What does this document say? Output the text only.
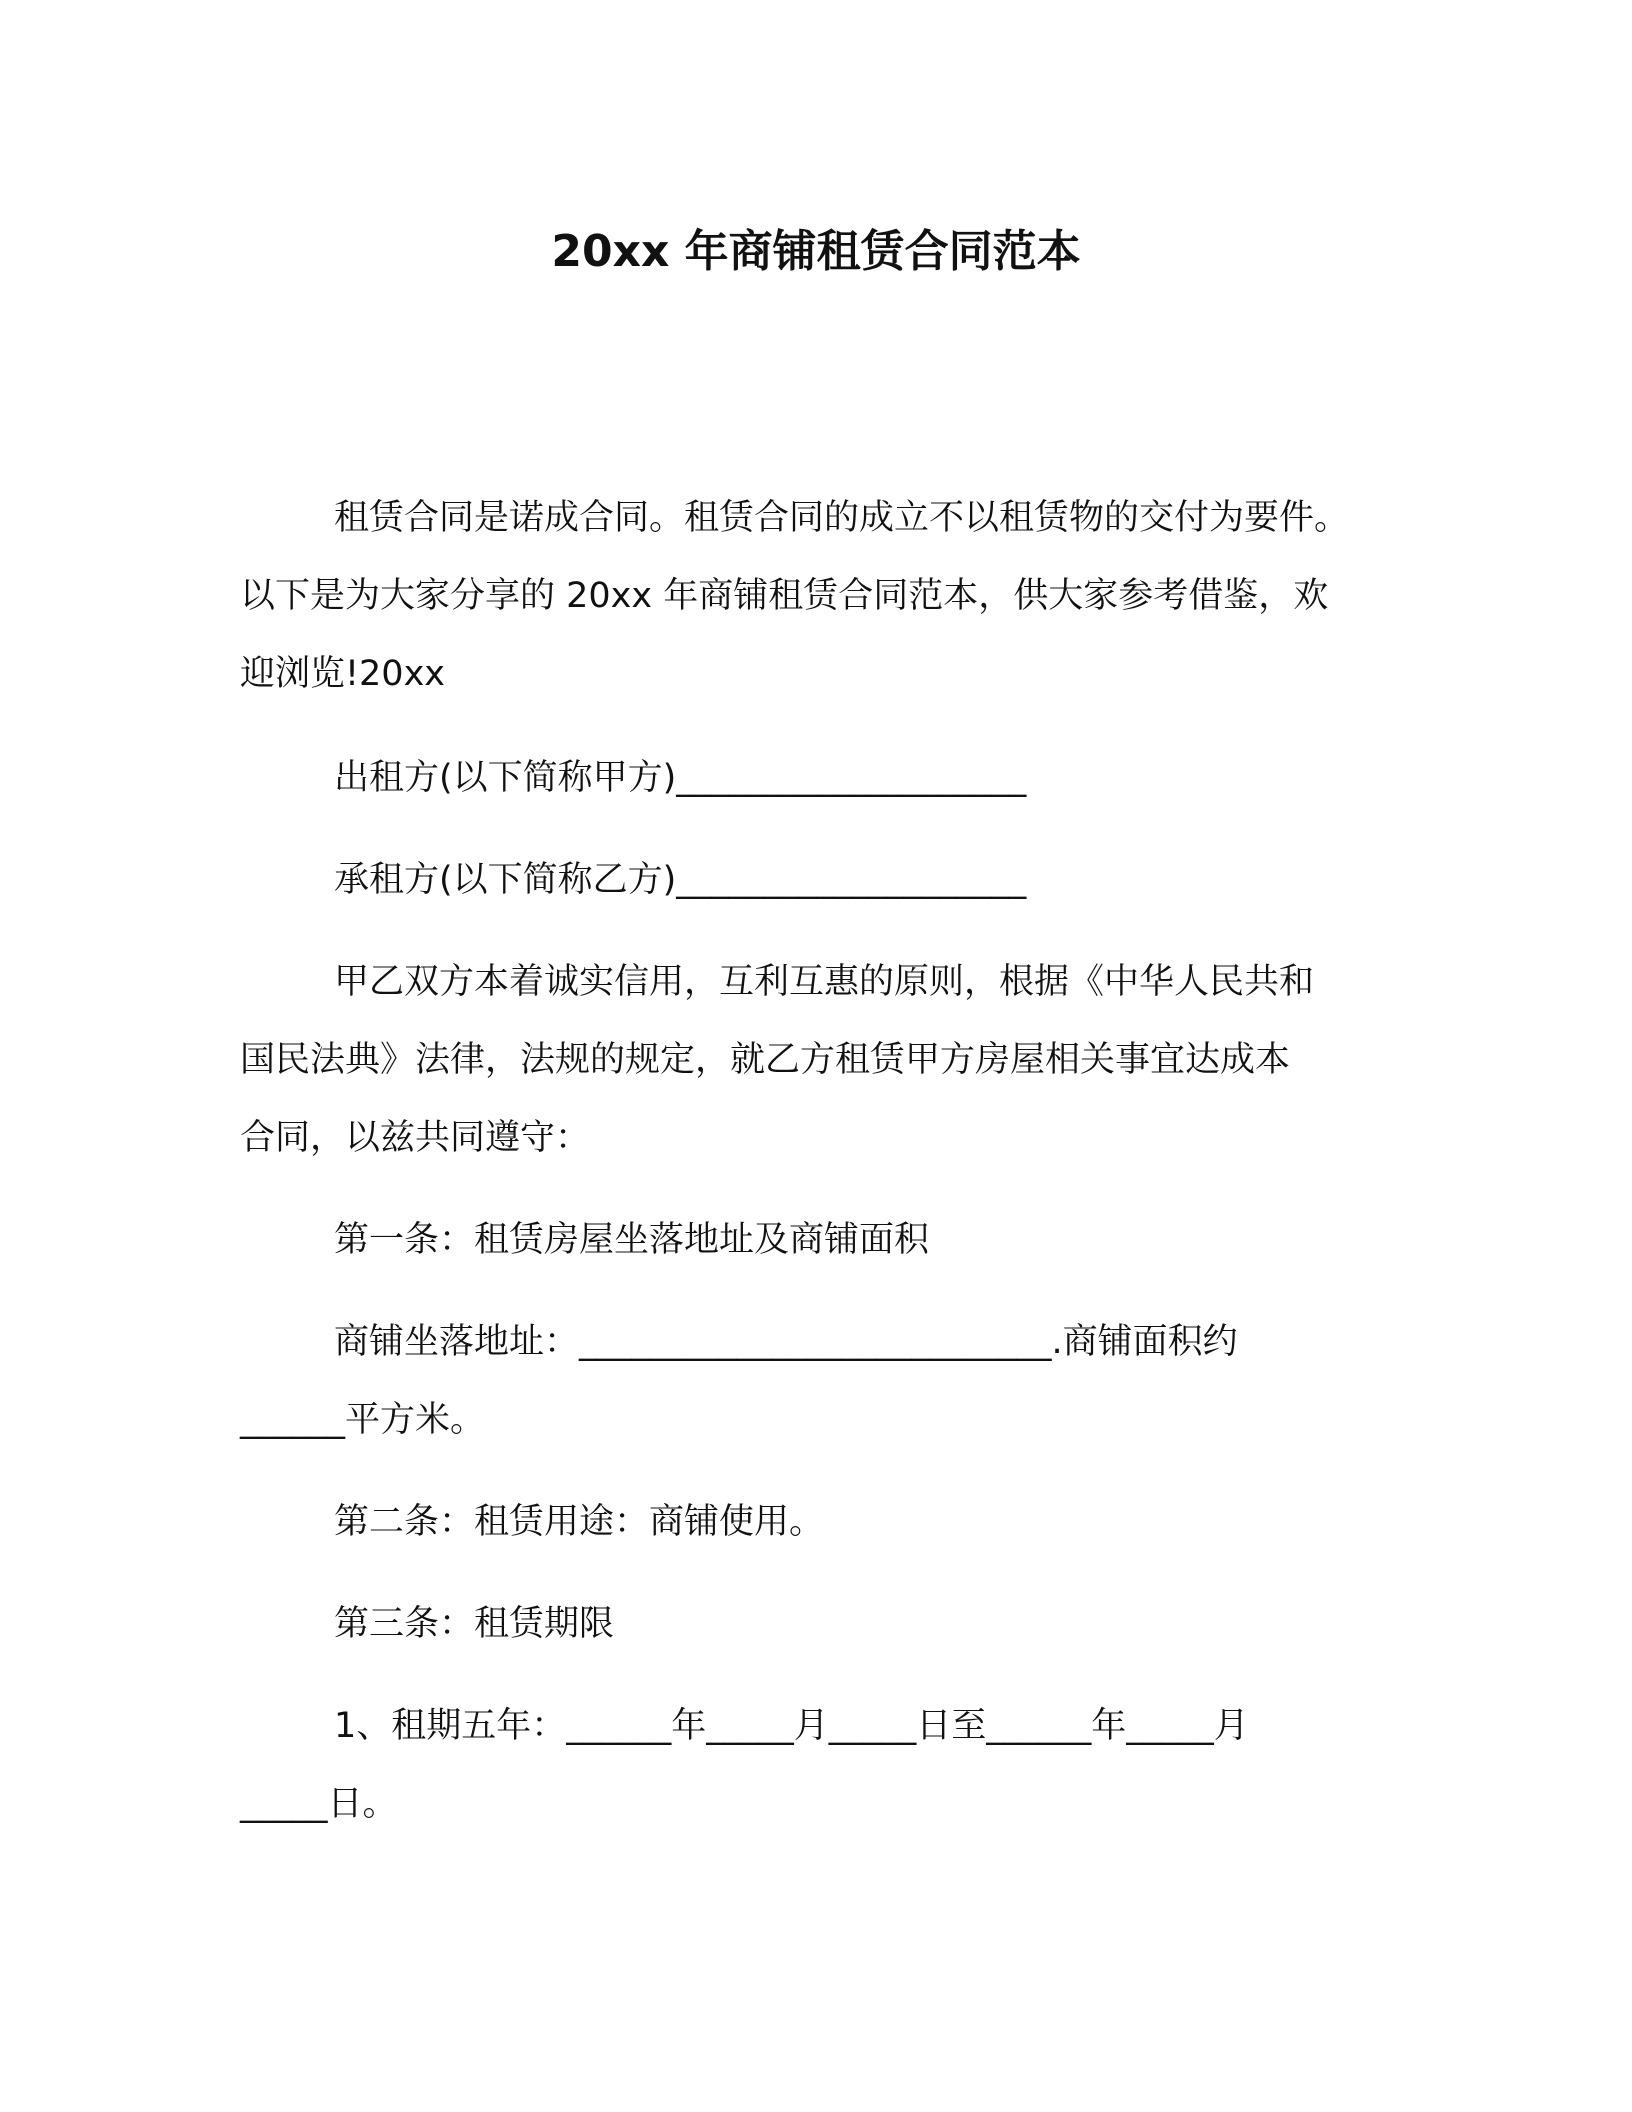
20xx 年商铺租赁合同范本
租赁合同是诺成合同。租赁合同的成立不以租赁物的交付为要件。
以下是为大家分享的 20xx 年商铺租赁合同范本，供大家参考借鉴，欢
迎浏览!20xx
出租方(以下简称甲方)____________________
承租方(以下简称乙方)____________________
甲乙双方本着诚实信用，互利互惠的原则，根据《中华人民共和
国民法典》法律，法规的规定，就乙方租赁甲方房屋相关事宜达成本
合同，以兹共同遵守：
第一条：租赁房屋坐落地址及商铺面积
商铺坐落地址：___________________________.商铺面积约
______平方米。
第二条：租赁用途：商铺使用。
第三条：租赁期限
1、租期五年：______年_____月_____日至______年_____月
_____日。
